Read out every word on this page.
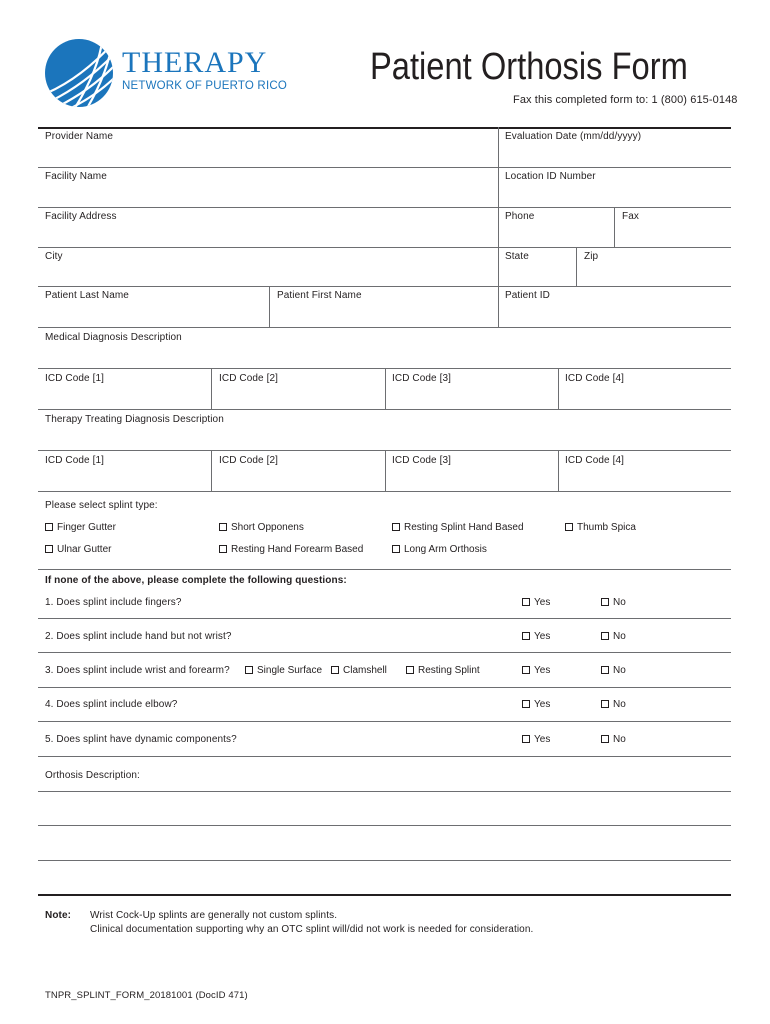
THERAPY
NETWORK OF PUERTO RICO Patient Orthosis Form
Fax this completed form to: 1 (800) 615-0148
Provider Name	Evaluation Date (mm/dd/yyyy)
Facility Name	Location ID Number
Facility Address	Phone	Fax
City	State	Zip
Patient Last Name	Patient First Name	Patient ID
Medical Diagnosis Description
ICD Code [1]	ICD Code [2]	ICD Code [3]	ICD Code [4]
Therapy Treating Diagnosis Description
ICD Code [1]	ICD Code [2]	ICD Code [3]	ICD Code [4]
Please select splint type:
Finger Gutter	Short Opponens	Resting Splint Hand Based	Thumb Spica
Ulnar Gutter	Resting Hand Forearm Based	Long Arm Orthosis
If none of the above, please complete the following questions:
1. Does splint include fingers?	Yes	No
2. Does splint include hand but not wrist?	Yes	No
3. Does splint include wrist and forearm?	Single Surface	Clamshell	Resting Splint	Yes	No
4. Does splint include elbow?	Yes	No
5. Does splint have dynamic components?	Yes	No
Orthosis Description:
Note: Wrist Cock-Up splints are generally not custom splints.
Clinical documentation supporting why an OTC splint will/did not work is needed for consideration.
TNPR_SPLINT_FORM_20181001 (DocID 471)
